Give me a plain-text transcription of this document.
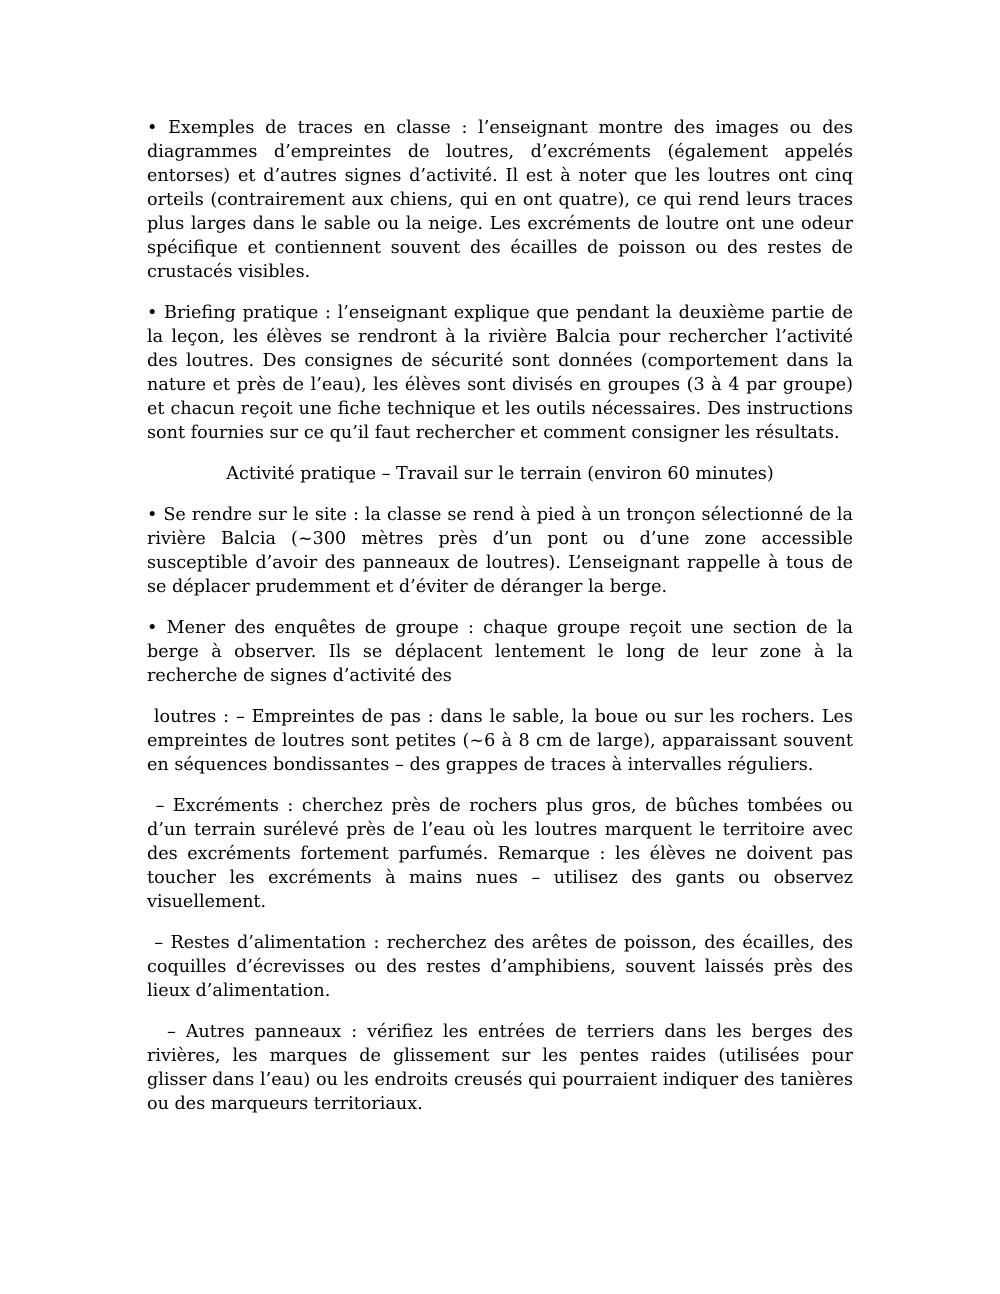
• Exemples de traces en classe : l’enseignant montre des images ou des diagrammes d’empreintes de loutres, d’excréments (également appelés entorses) et d’autres signes d’activité. Il est à noter que les loutres ont cinq orteils (contrairement aux chiens, qui en ont quatre), ce qui rend leurs traces plus larges dans le sable ou la neige. Les excréments de loutre ont une odeur spécifique et contiennent souvent des écailles de poisson ou des restes de crustacés visibles.

• Briefing pratique : l’enseignant explique que pendant la deuxième partie de la leçon, les élèves se rendront à la rivière Balcia pour rechercher l’activité des loutres. Des consignes de sécurité sont données (comportement dans la nature et près de l’eau), les élèves sont divisés en groupes (3 à 4 par groupe) et chacun reçoit une fiche technique et les outils nécessaires. Des instructions sont fournies sur ce qu’il faut rechercher et comment consigner les résultats.

Activité pratique – Travail sur le terrain (environ 60 minutes)

• Se rendre sur le site : la classe se rend à pied à un tronçon sélectionné de la rivière Balcia (~300 mètres près d’un pont ou d’une zone accessible susceptible d’avoir des panneaux de loutres). L’enseignant rappelle à tous de se déplacer prudemment et d’éviter de déranger la berge.

• Mener des enquêtes de groupe : chaque groupe reçoit une section de la berge à observer. Ils se déplacent lentement le long de leur zone à la recherche de signes d’activité des

loutres : – Empreintes de pas : dans le sable, la boue ou sur les rochers. Les empreintes de loutres sont petites (~6 à 8 cm de large), apparaissant souvent en séquences bondissantes – des grappes de traces à intervalles réguliers.

– Excréments : cherchez près de rochers plus gros, de bûches tombées ou d’un terrain surélevé près de l’eau où les loutres marquent le territoire avec des excréments fortement parfumés. Remarque : les élèves ne doivent pas toucher les excréments à mains nues – utilisez des gants ou observez visuellement.

– Restes d’alimentation : recherchez des arêtes de poisson, des écailles, des coquilles d’écrevisses ou des restes d’amphibiens, souvent laissés près des lieux d’alimentation.

– Autres panneaux : vérifiez les entrées de terriers dans les berges des rivières, les marques de glissement sur les pentes raides (utilisées pour glisser dans l’eau) ou les endroits creusés qui pourraient indiquer des tanières ou des marqueurs territoriaux.
